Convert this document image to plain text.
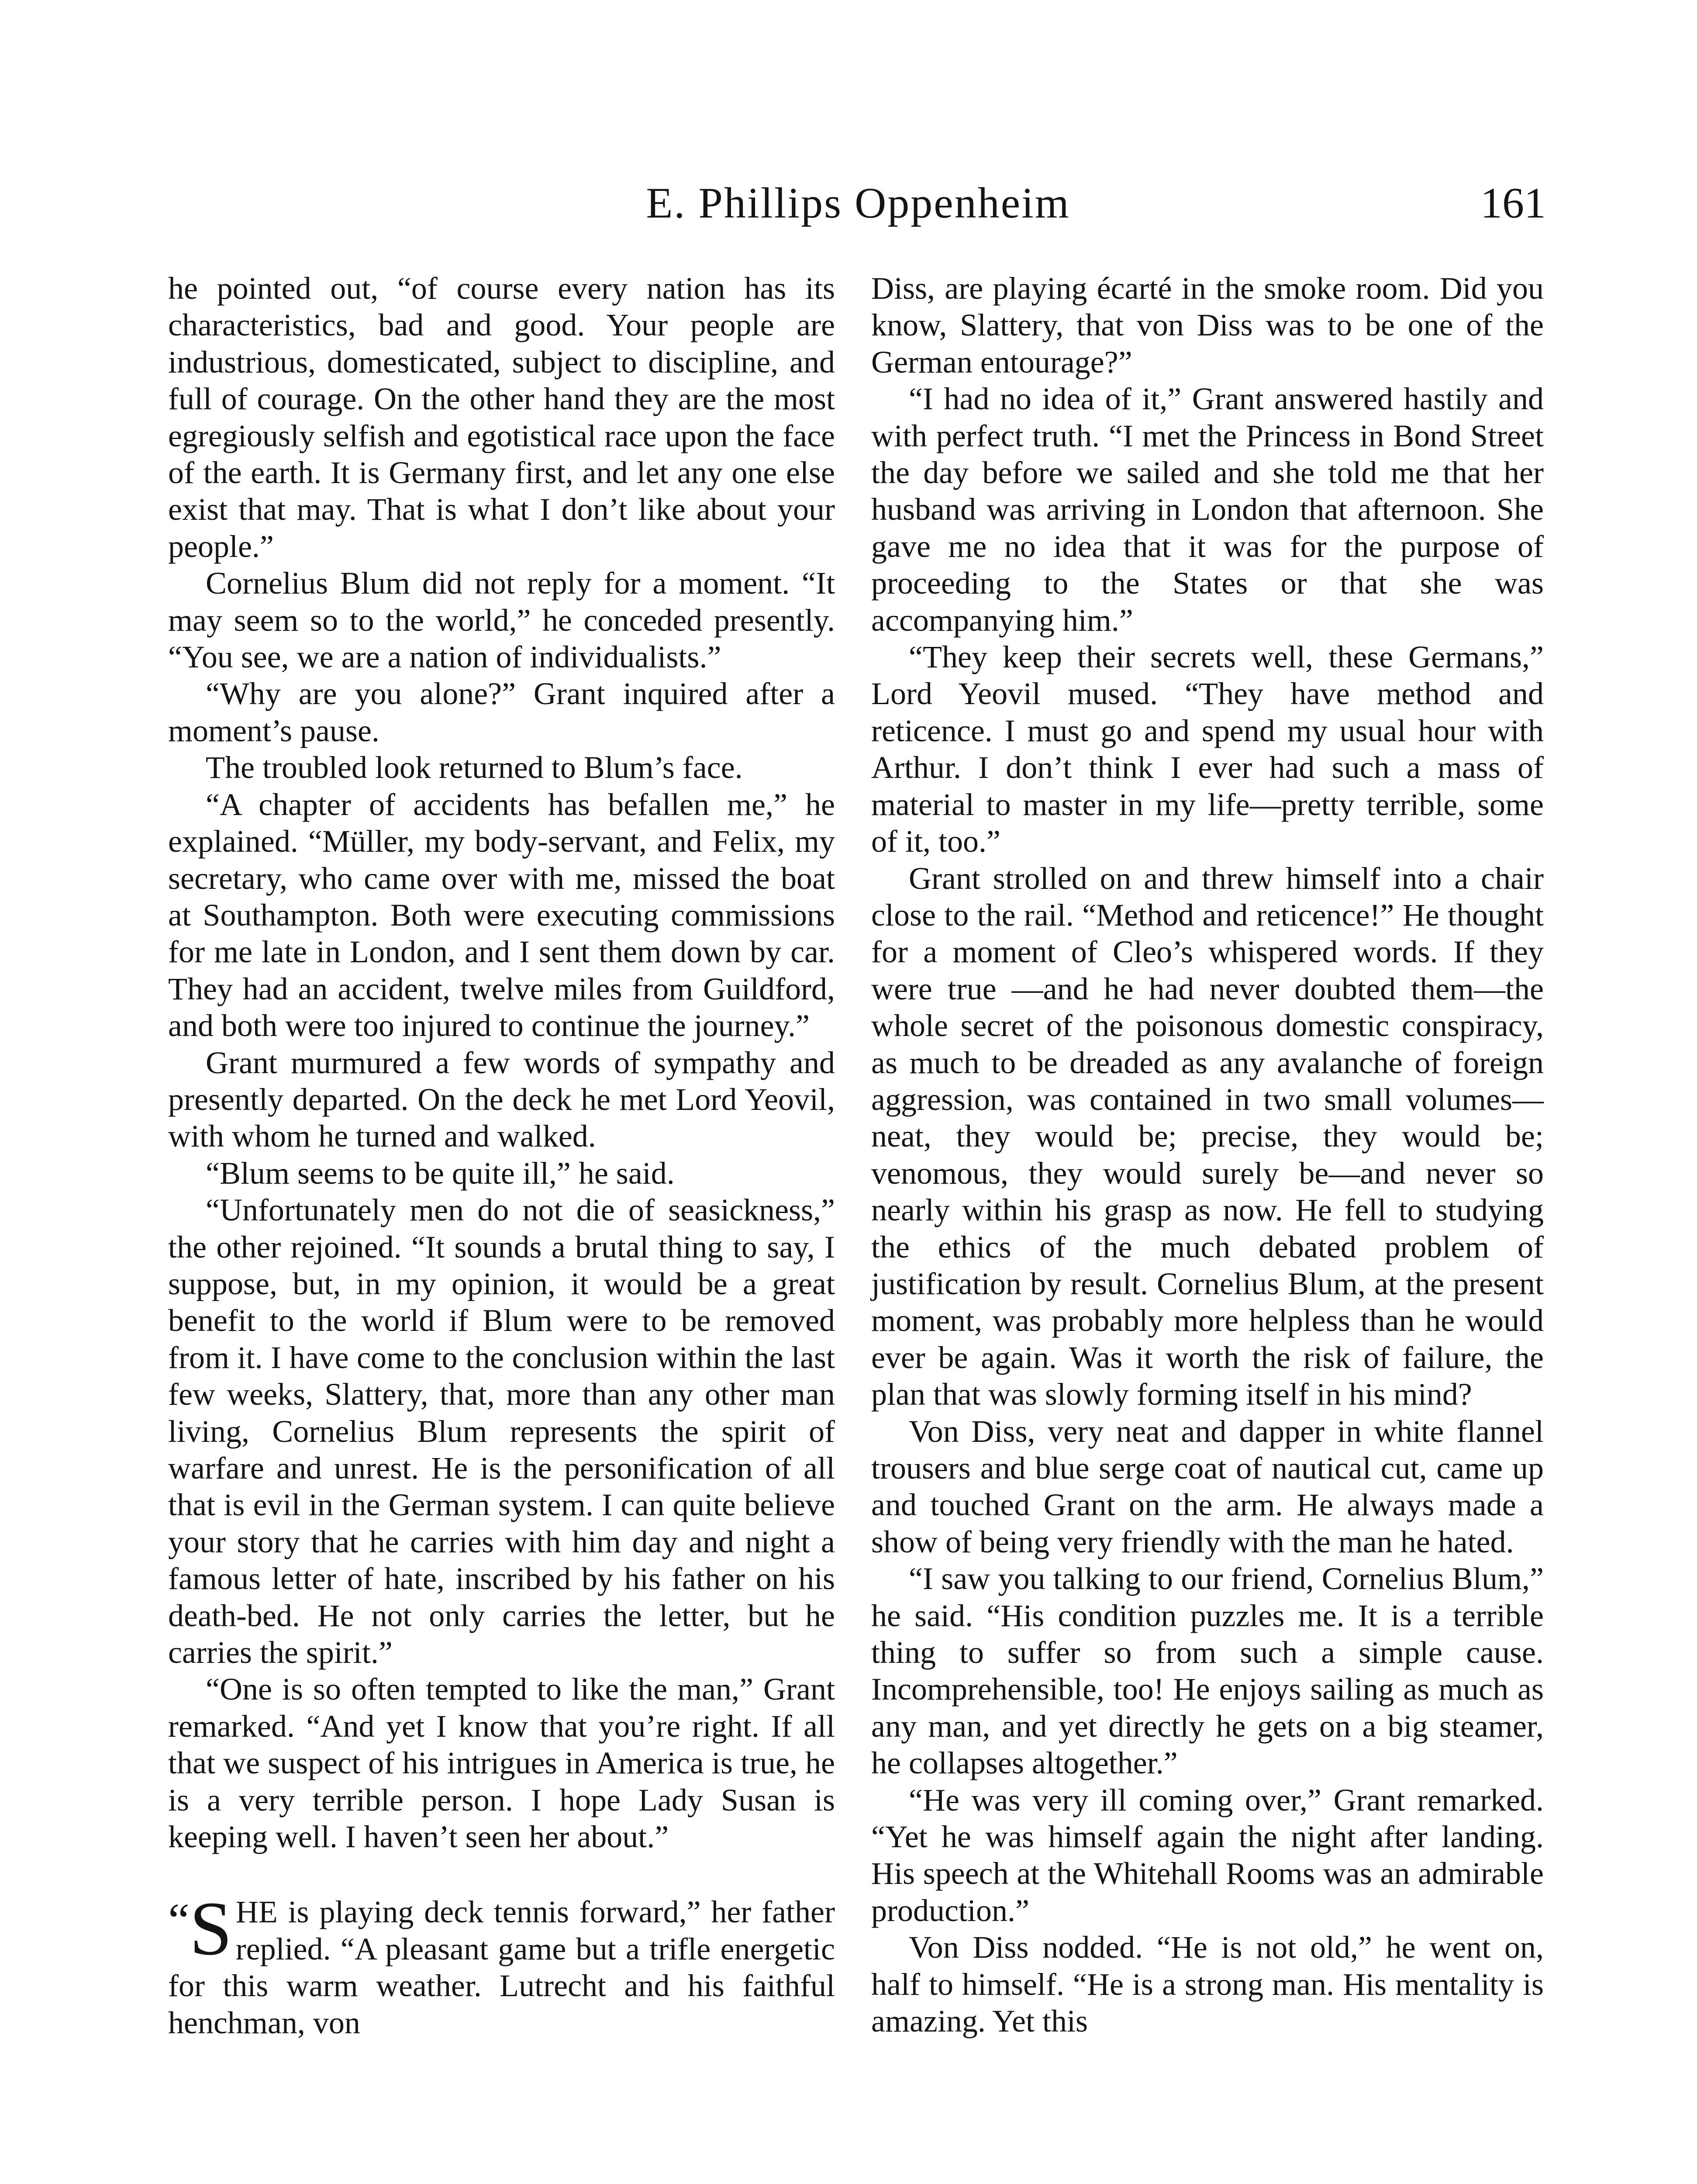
E. Phillips Oppenheim	161

he pointed out, “of course every nation has its characteristics, bad and good. Your people are industrious, domesticated, subject to discipline, and full of courage. On the other hand they are the most egregiously selfish and egotistical race upon the face of the earth. It is Germany first, and let any one else exist that may. That is what I don’t like about your people.”

Cornelius Blum did not reply for a moment. “It may seem so to the world,” he conceded presently. “You see, we are a nation of individualists.”

“Why are you alone?” Grant inquired after a moment’s pause.

The troubled look returned to Blum’s face.

“A chapter of accidents has befallen me,” he explained. “Müller, my body-servant, and Felix, my secretary, who came over with me, missed the boat at Southampton. Both were executing commissions for me late in London, and I sent them down by car. They had an accident, twelve miles from Guildford, and both were too injured to continue the journey.”

Grant murmured a few words of sympathy and presently departed. On the deck he met Lord Yeovil, with whom he turned and walked.

“Blum seems to be quite ill,” he said.

“Unfortunately men do not die of seasickness,” the other rejoined. “It sounds a brutal thing to say, I suppose, but, in my opinion, it would be a great benefit to the world if Blum were to be removed from it. I have come to the conclusion within the last few weeks, Slattery, that, more than any other man living, Cornelius Blum represents the spirit of warfare and unrest. He is the personification of all that is evil in the German system. I can quite believe your story that he carries with him day and night a famous letter of hate, inscribed by his father on his death-bed. He not only carries the letter, but he carries the spirit.”

“One is so often tempted to like the man,” Grant remarked. “And yet I know that you’re right. If all that we suspect of his intrigues in America is true, he is a very terrible person. I hope Lady Susan is keeping well. I haven’t seen her about.”

“S HE is playing deck tennis forward,” her father replied. “A pleasant game but a trifle energetic for this warm weather. Lutrecht and his faithful henchman, von

Diss, are playing écarté in the smoke room. Did you know, Slattery, that von Diss was to be one of the German entourage?”

“I had no idea of it,” Grant answered hastily and with perfect truth. “I met the Princess in Bond Street the day before we sailed and she told me that her husband was arriving in London that afternoon. She gave me no idea that it was for the purpose of proceeding to the States or that she was accompanying him.”

“They keep their secrets well, these Germans,” Lord Yeovil mused. “They have method and reticence. I must go and spend my usual hour with Arthur. I don’t think I ever had such a mass of material to master in my life—pretty terrible, some of it, too.”

Grant strolled on and threw himself into a chair close to the rail. “Method and reticence!” He thought for a moment of Cleo’s whispered words. If they were true —and he had never doubted them—the whole secret of the poisonous domestic conspiracy, as much to be dreaded as any avalanche of foreign aggression, was contained in two small volumes—neat, they would be; precise, they would be; venomous, they would surely be—and never so nearly within his grasp as now. He fell to studying the ethics of the much debated problem of justification by result. Cornelius Blum, at the present moment, was probably more helpless than he would ever be again. Was it worth the risk of failure, the plan that was slowly forming itself in his mind?

Von Diss, very neat and dapper in white flannel trousers and blue serge coat of nautical cut, came up and touched Grant on the arm. He always made a show of being very friendly with the man he hated.

“I saw you talking to our friend, Cornelius Blum,” he said. “His condition puzzles me. It is a terrible thing to suffer so from such a simple cause. Incomprehensible, too! He enjoys sailing as much as any man, and yet directly he gets on a big steamer, he collapses altogether.”

“He was very ill coming over,” Grant remarked. “Yet he was himself again the night after landing. His speech at the Whitehall Rooms was an admirable production.”

Von Diss nodded. “He is not old,” he went on, half to himself. “He is a strong man. His mentality is amazing. Yet this
